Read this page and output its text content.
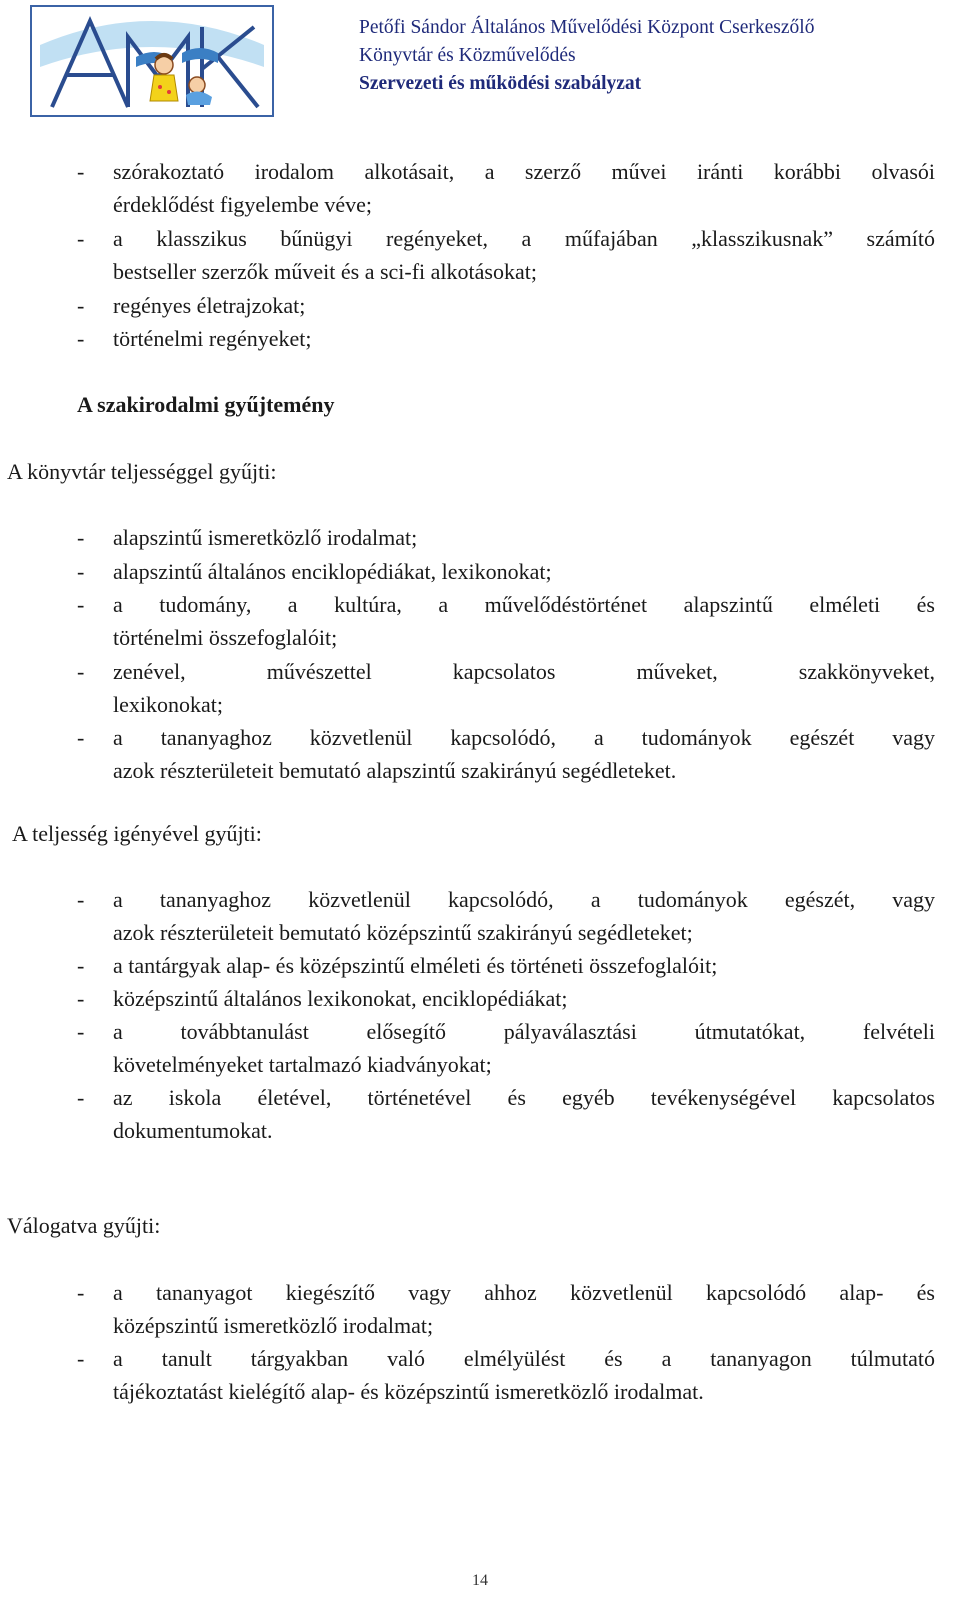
Petőfi Sándor Általános Művelődési Központ Cserkeszőlő
Könyvtár és Közművelődés
Szervezeti és működési szabályzat
- szórakoztató irodalom alkotásait, a szerző művei iránti korábbi olvasói
érdeklődést figyelembe véve;
- a klasszikus bűnügyi regényeket, a műfajában „klasszikusnak” számító
bestseller szerzők műveit és a sci-fi alkotásokat;
- regényes életrajzokat;
- történelmi regényeket;
A szakirodalmi gyűjtemény
A könyvtár teljességgel gyűjti:
- alapszintű ismeretközlő irodalmat;
- alapszintű általános enciklopédiákat, lexikonokat;
- a tudomány, a kultúra, a művelődéstörténet alapszintű elméleti és
történelmi összefoglalóit;
- zenével, művészettel kapcsolatos műveket, szakkönyveket,
lexikonokat;
- a tananyaghoz közvetlenül kapcsolódó, a tudományok egészét vagy
azok részterületeit bemutató alapszintű szakirányú segédleteket.
A teljesség igényével gyűjti:
- a tananyaghoz közvetlenül kapcsolódó, a tudományok egészét, vagy
azok részterületeit bemutató középszintű szakirányú segédleteket;
- a tantárgyak alap- és középszintű elméleti és történeti összefoglalóit;
- középszintű általános lexikonokat, enciklopédiákat;
- a továbbtanulást elősegítő pályaválasztási útmutatókat, felvételi
követelményeket tartalmazó kiadványokat;
- az iskola életével, történetével és egyéb tevékenységével kapcsolatos
dokumentumokat.
Válogatva gyűjti:
- a tananyagot kiegészítő vagy ahhoz közvetlenül kapcsolódó alap- és
középszintű ismeretközlő irodalmat;
- a tanult tárgyakban való elmélyülést és a tananyagon túlmutató
tájékoztatást kielégítő alap- és középszintű ismeretközlő irodalmat.
14
